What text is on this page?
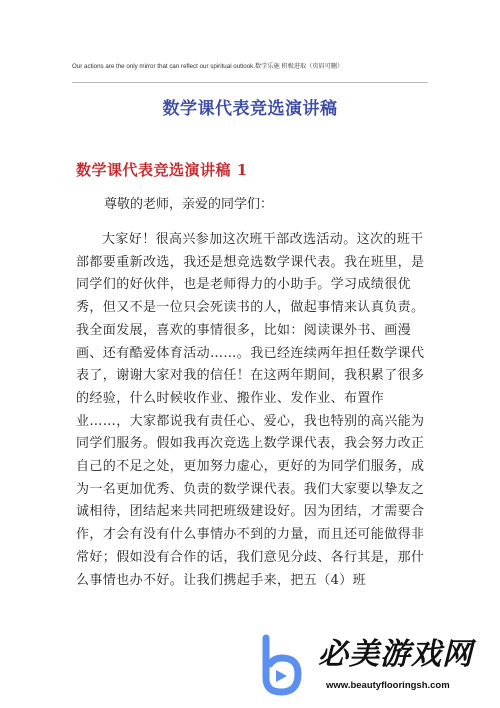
Our actions are the only mirror that can reflect our spiritual outlook.数学乐施 积极进取（页眉可删）
数学课代表竞选演讲稿
数学课代表竞选演讲稿 1
尊敬的老师，亲爱的同学们：
大家好！很高兴参加这次班干部改选活动。这次的班干部都要重新改选，我还是想竞选数学课代表。我在班里，是同学们的好伙伴，也是老师得力的小助手。学习成绩很优秀，但又不是一位只会死读书的人，做起事情来认真负责。我全面发展，喜欢的事情很多，比如：阅读课外书、画漫画、还有酷爱体育活动……。我已经连续两年担任数学课代表了，谢谢大家对我的信任！在这两年期间，我积累了很多的经验，什么时候收作业、搬作业、发作业、布置作业……，大家都说我有责任心、爱心，我也特别的高兴能为同学们服务。假如我再次竞选上数学课代表，我会努力改正自己的不足之处，更加努力虚心，更好的为同学们服务，成为一名更加优秀、负责的数学课代表。我们大家要以挚友之诚相待，团结起来共同把班级建设好。因为团结，才需要合作，才会有没有什么事情办不到的力量，而且还可能做得非常好；假如没有合作的话，我们意见分歧、各行其是，那什么事情也办不好。让我们携起手来，把五（4）班
必美游戏网
www.beautyflooringsh.com
